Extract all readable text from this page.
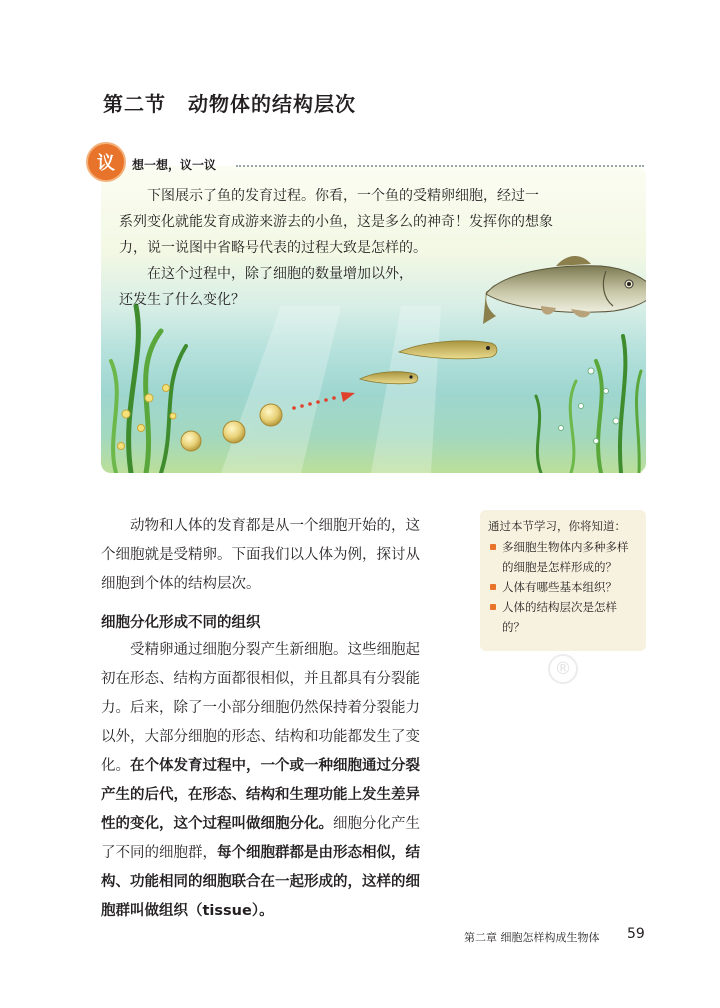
第二节 动物体的结构层次
议	想一想，议一议

下图展示了鱼的发育过程。你看，一个鱼的受精卵细胞，经过一

系列变化就能发育成游来游去的小鱼，这是多么的神奇！发挥你的想象

力，说一说图中省略号代表的过程大致是怎样的。

在这个过程中，除了细胞的数量增加以外，

还发生了什么变化？

动物和人体的发育都是从一个细胞开始的，这
个细胞就是受精卵。下面我们以人体为例，探讨从
细胞到个体的结构层次。
细胞分化形成不同的组织
受精卵通过细胞分裂产生新细胞。这些细胞起
初在形态、结构方面都很相似，并且都具有分裂能
力。后来，除了一小部分细胞仍然保持着分裂能力
以外，大部分细胞的形态、结构和功能都发生了变
化。在个体发育过程中，一个或一种细胞通过分裂
产生的后代，在形态、结构和生理功能上发生差异
性的变化，这个过程叫做细胞分化。细胞分化产生
了不同的细胞群，每个细胞群都是由形态相似，结
构、功能相同的细胞联合在一起形成的，这样的细
胞群叫做组织（tissue）。
通过本节学习，你将知道：
多细胞生物体内多种多样的细胞是怎样形成的？
人体有哪些基本组织？
人体的结构层次是怎样的？
®
第二章 细胞怎样构成生物体 59
